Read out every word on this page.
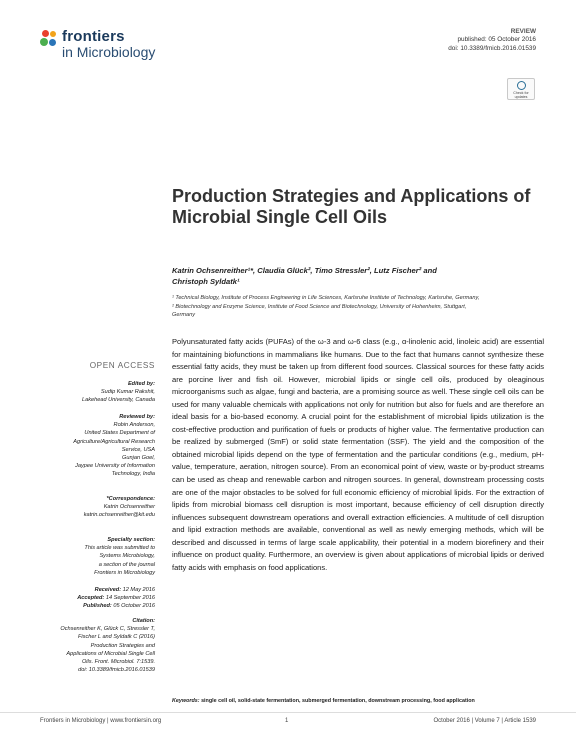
frontiers
in Microbiology
REVIEW
published: 05 October 2016
doi: 10.3389/fmicb.2016.01539
Check for updates
Production Strategies and Applications of Microbial Single Cell Oils
Katrin Ochsenreither¹*, Claudia Glück², Timo Stressler², Lutz Fischer² and
Christoph Syldatk¹
¹ Technical Biology, Institute of Process Engineering in Life Sciences, Karlsruhe Institute of Technology, Karlsruhe, Germany,
² Biotechnology and Enzyme Science, Institute of Food Science and Biotechnology, University of Hohenheim, Stuttgart,
Germany
Polyunsaturated fatty acids (PUFAs) of the ω-3 and ω-6 class (e.g., α-linolenic acid, linoleic acid) are essential for maintaining biofunctions in mammalians like humans. Due to the fact that humans cannot synthesize these essential fatty acids, they must be taken up from different food sources. Classical sources for these fatty acids are porcine liver and fish oil. However, microbial lipids or single cell oils, produced by oleaginous microorganisms such as algae, fungi and bacteria, are a promising source as well. These single cell oils can be used for many valuable chemicals with applications not only for nutrition but also for fuels and are therefore an ideal basis for a bio-based economy. A crucial point for the establishment of microbial lipids utilization is the cost-effective production and purification of fuels or products of higher value. The fermentative production can be realized by submerged (SmF) or solid state fermentation (SSF). The yield and the composition of the obtained microbial lipids depend on the type of fermentation and the particular conditions (e.g., medium, pH-value, temperature, aeration, nitrogen source). From an economical point of view, waste or by-product streams can be used as cheap and renewable carbon and nitrogen sources. In general, downstream processing costs are one of the major obstacles to be solved for full economic efficiency of microbial lipids. For the extraction of lipids from microbial biomass cell disruption is most important, because efficiency of cell disruption directly influences subsequent downstream operations and overall extraction efficiencies. A multitude of cell disruption and lipid extraction methods are available, conventional as well as newly emerging methods, which will be described and discussed in terms of large scale applicability, their potential in a modern biorefinery and their influence on product quality. Furthermore, an overview is given about applications of microbial lipids or derived fatty acids with emphasis on food applications.
Keywords: single cell oil, solid-state fermentation, submerged fermentation, downstream processing, food application
OPEN ACCESS
Edited by:
Sudip Kumar Rakshit,
Lakehead University, Canada
Reviewed by:
Robin Anderson,
United States Department of
Agriculture/Agricultural Research
Service, USA
Gunjan Goel,
Jaypee University of Information
Technology, India
*Correspondence:
Katrin Ochsenreither
katrin.ochsenreither@kit.edu
Specialty section:
This article was submitted to
Systems Microbiology,
a section of the journal
Frontiers in Microbiology
Received: 12 May 2016
Accepted: 14 September 2016
Published: 05 October 2016
Citation:
Ochsenreither K, Glück C, Stressler T,
Fischer L and Syldatk C (2016)
Production Strategies and
Applications of Microbial Single Cell
Oils. Front. Microbiol. 7:1539.
doi: 10.3389/fmicb.2016.01539
Frontiers in Microbiology | www.frontiersin.org	1	October 2016 | Volume 7 | Article 1539
